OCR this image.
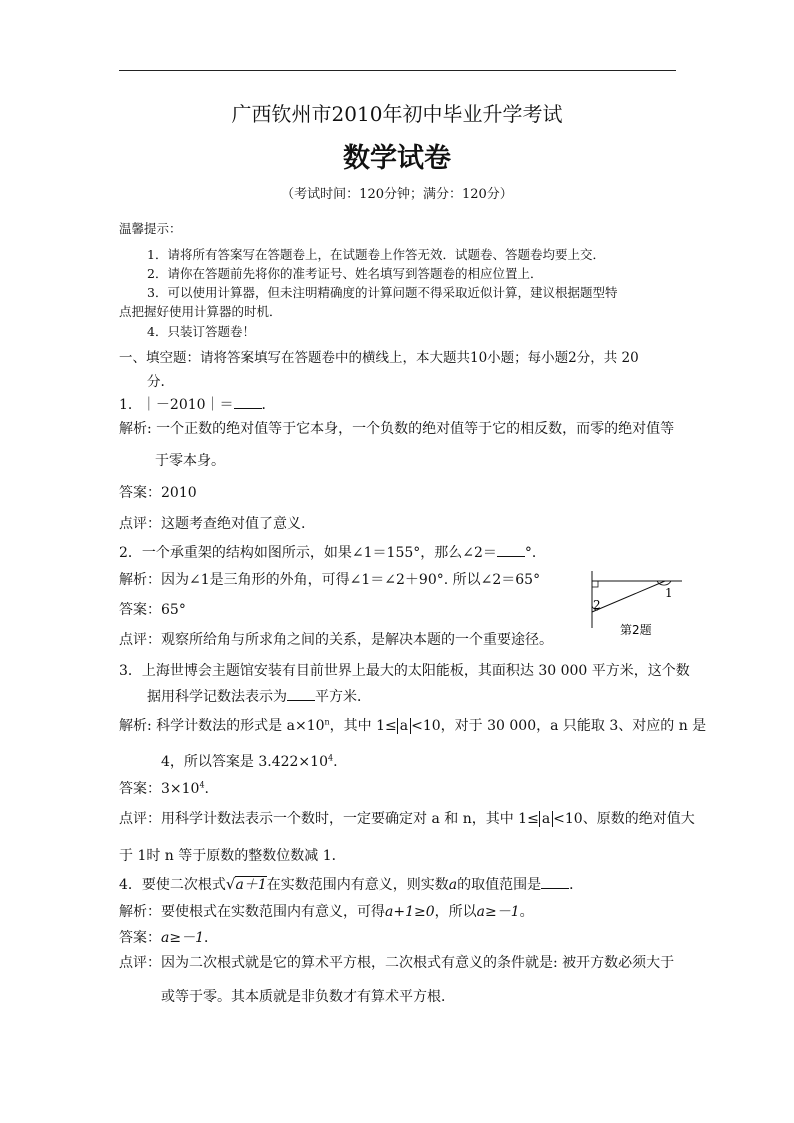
广西钦州市2010年初中毕业升学考试
数学试卷
（考试时间：120分钟；满分：120分）
温馨提示：
1．请将所有答案写在答题卷上，在试题卷上作答无效．试题卷、答题卷均要上交．
2．请你在答题前先将你的准考证号、姓名填写到答题卷的相应位置上．
3．可以使用计算器，但未注明精确度的计算问题不得采取近似计算，建议根据题型特
点把握好使用计算器的时机．
4．只装订答题卷！
一、填空题：请将答案填写在答题卷中的横线上，本大题共10小题；每小题2分，共 20
分.
1．｜－2010｜＝ ．
解析: 一个正数的绝对值等于它本身，一个负数的绝对值等于它的相反数，而零的绝对值等
于零本身。
答案：2010
点评：这题考查绝对值了意义.
2．一个承重架的结构如图所示，如果∠1＝155°，那么∠2＝ °．
解析：因为∠1是三角形的外角，可得∠1＝∠2＋90°. 所以∠2＝65°
答案：65°
点评：观察所给角与所求角之间的关系，是解决本题的一个重要途径。
1
2
第2题
3．上海世博会主题馆安装有目前世界上最大的太阳能板，其面积达 30 000 平方米，这个数
据用科学记数法表示为 平方米．
解析: 科学计数法的形式是 $a\times 10^n$，其中 1≤ a <10，对于 30 000，a 只能取 3、对应的 n 是
4，所以答案是 $3.422\times 10^4$.
答案：$3\times 10^4$.
点评：用科学计数法表示一个数时，一定要确定对 a 和 n，其中 1≤ a <10、原数的绝对值大
于 1时 n 等于原数的整数位数减 1．
4．要使二次根式√a＋1在实数范围内有意义，则实数a的取值范围是 ．
解析：要使根式在实数范围内有意义，可得a+1≥0，所以a≥－1。
答案：a≥－1．
点评：因为二次根式就是它的算术平方根，二次根式有意义的条件就是: 被开方数必须大于
或等于零。其本质就是非负数才有算术平方根．
